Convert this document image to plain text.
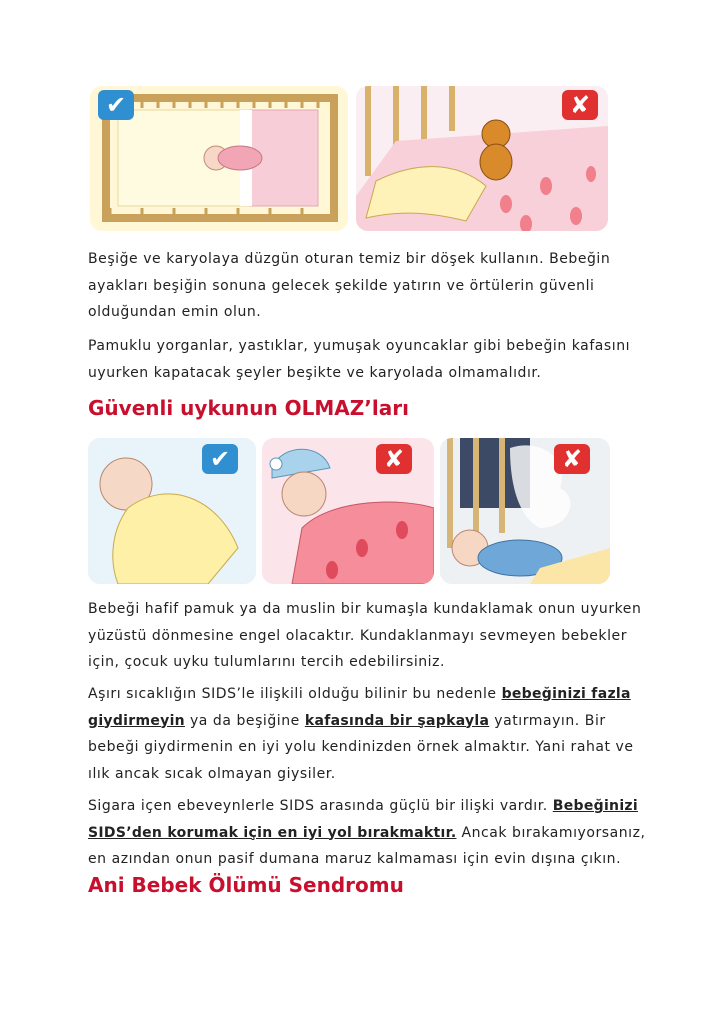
✔	✘

Beşiğe ve karyolaya düzgün oturan temiz bir döşek kullanın. Bebeğin ayakları beşiğin sonuna gelecek şekilde yatırın ve örtülerin güvenli olduğundan emin olun.

Pamuklu yorganlar, yastıklar, yumuşak oyuncaklar gibi bebeğin kafasını uyurken kapatacak şeyler beşikte ve karyolada olmamalıdır.

Güvenli uykunun OLMAZ’ları
✔	✘	✘

Bebeği hafif pamuk ya da muslin bir kumaşla kundaklamak onun uyurken yüzüstü dönmesine engel olacaktır. Kundaklanmayı sevmeyen bebekler için, çocuk uyku tulumlarını tercih edebilirsiniz.

Aşırı sıcaklığın SIDS’le ilişkili olduğu bilinir bu nedenle bebeğinizi fazla giydirmeyin ya da beşiğine kafasında bir şapkayla yatırmayın. Bir bebeği giydirmenin en iyi yolu kendinizden örnek almaktır. Yani rahat ve ılık ancak sıcak olmayan giysiler.

Sigara içen ebeveynlerle SIDS arasında güçlü bir ilişki vardır. Bebeğinizi SIDS’den korumak için en iyi yol bırakmaktır. Ancak bırakamıyorsanız, en azından onun pasif dumana maruz kalmaması için evin dışına çıkın.

Ani Bebek Ölümü Sendromu
